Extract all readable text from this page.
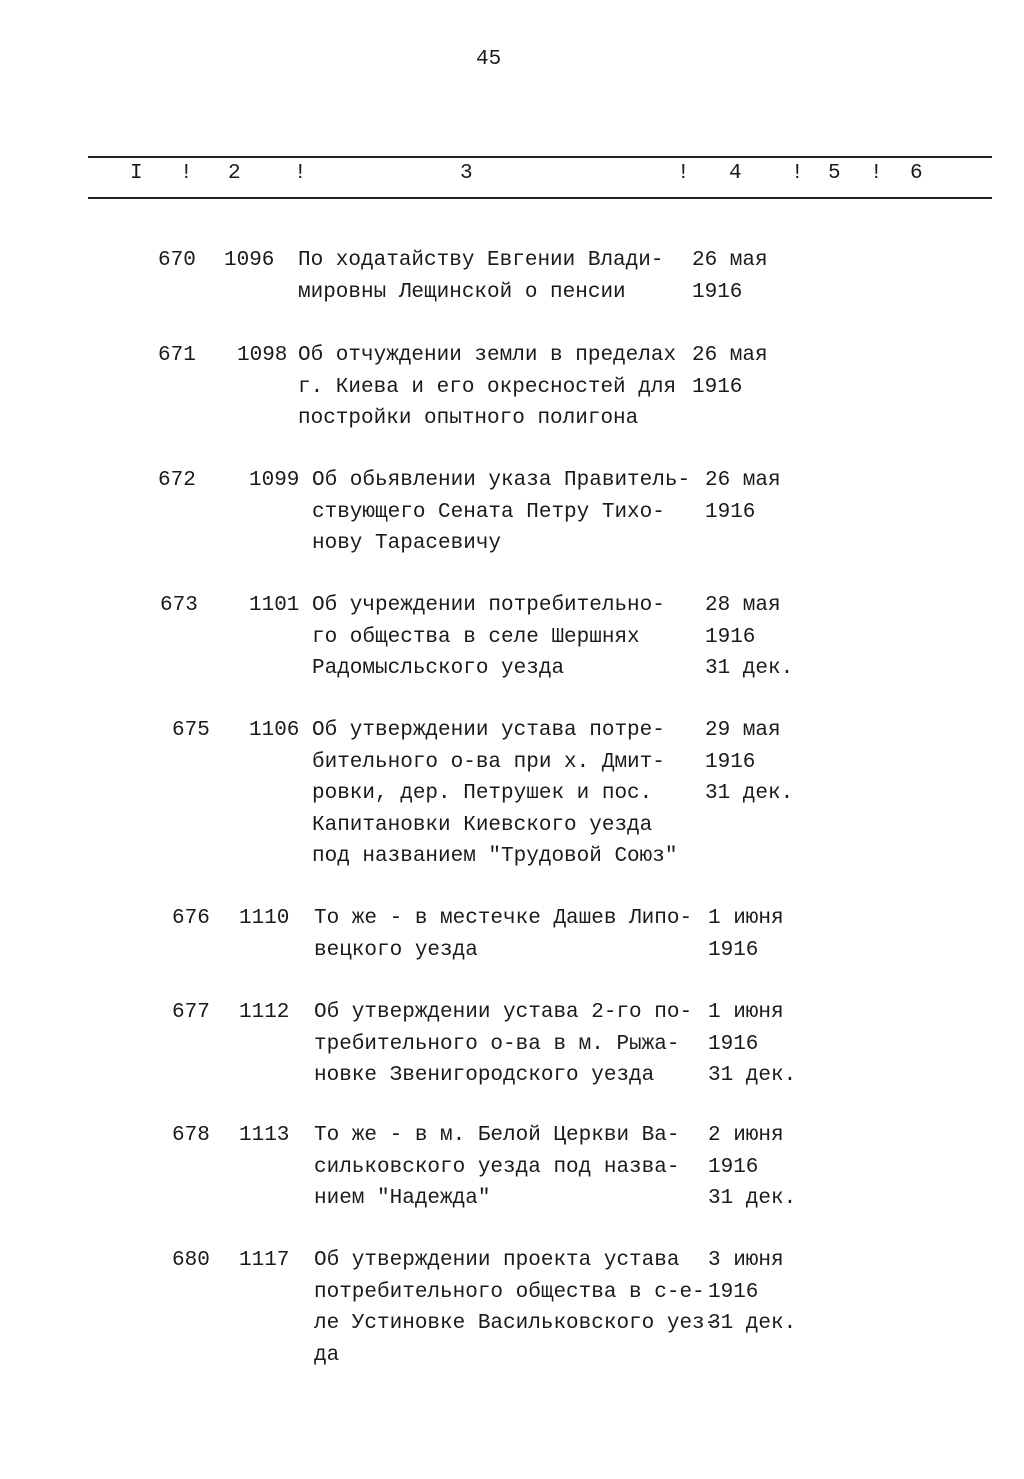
45
I ! 2	!	3	! 4 ! 5 ! 6
670 1096 По ходатайству Евгении Влади-
мировны Лещинской о пенсии
26 мая
1916
671 1098 Об отчуждении земли в пределах
г. Киева и его окресностей для
постройки опытного полигона
26 мая
1916
672	1099 Об обьявлении указа Правитель-
ствующего Сената Петру Тихо-
нову Тарасевичу
26 мая
1916
673 1101 Об учреждении потребительно-
го общества в селе Шершнях
Радомысльского уезда
28 мая
1916
31 дек.
675 1106 Об утверждении устава потре-
бительного о-ва при х. Дмит-
ровки, дер. Петрушек и пос.
Капитановки Киевского уезда
под названием "Трудовой Союз"
29 мая
1916
31 дек.
676 1110 То же - в местечке Дашев Липо-
вецкого уезда
1 июня
1916
677 1112 Об утверждении устава 2-го по-
требительного о-ва в м. Рыжа-
новке Звенигородского уезда
1 июня
1916
31 дек.
678 1113 То же - в м. Белой Церкви Ва-
сильковского уезда под назва-
нием "Надежда"
2 июня
1916
31 дек.
680 1117 Об утверждении проекта устава
потребительного общества в с-е-
ле Устиновке Васильковского уез-
да
3 июня
1916
31 дек.
